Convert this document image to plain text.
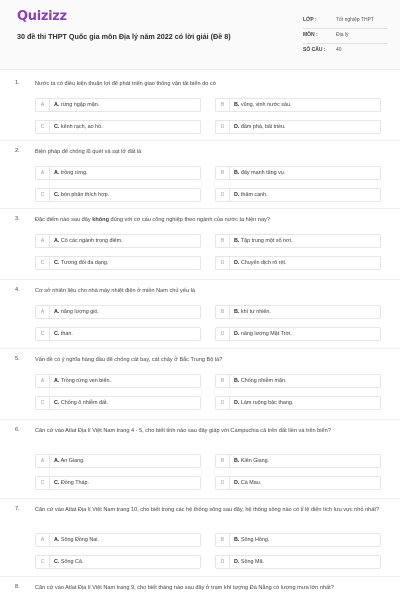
Quizizz
30 đề thi THPT Quốc gia môn Địa lý năm 2022 có lời giải (Đề 8)
LỚP :	Tốt nghiệp THPT
MÔN :	Địa lý
SỐ CÂU : 40
1.	Nước ta có điều kiện thuận lợi để phát triển giao thông vận tải biển do có
A	A. rừng ngập mặn.	B	B. vũng, vịnh nước sâu.
C	C. kênh rạch, ao hồ.	D	D. đầm phá, bãi triều.
2.	Biện pháp để chống lũ quét và sạt lở đất là
A	A. trồng rừng.	B	B. đẩy mạnh tăng vụ.
C	C. bón phân thích hợp.	D	D. thâm canh.
3.	Đặc điểm nào sau đây không đúng với cơ cấu công nghiệp theo ngành của nước ta hiện nay?
A	A. Có các ngành trọng điểm.	B	B. Tập trung một số nơi.
C	C. Tương đối đa dạng.	D	D. Chuyển dịch rõ rệt.
4.	Cơ sở nhiên liệu cho nhà máy nhiệt điện ở miền Nam chủ yếu là
A	A. năng lượng gió.	B	B. khí tự nhiên.
C	C. than.	D	D. năng lượng Mặt Trời.
5.	Vấn đề có ý nghĩa hàng đầu để chống cát bay, cát chảy ở Bắc Trung Bộ là?
A	A. Trồng rừng ven biển.	B	B. Chống nhiễm mặn.
C	C. Chống ô nhiễm đất.	D	D. Làm ruộng bậc thang.
6.	Căn cứ vào Atlat Địa lí Việt Nam trang 4 - 5, cho biết tỉnh nào sau đây giáp với Campuchia cả trên đất liền và trên biển?
A	A. An Giang.	B	B. Kiên Giang.
C	C. Đồng Tháp.	D	D. Cà Mau.
7.	Căn cứ vào Atlat Địa lí Việt Nam trang 10, cho biết trong các hệ thống sông sau đây, hệ thống sông nào có tỉ lệ diện tích lưu vực nhỏ nhất?
A	A. Sông Đồng Nai.	B	B. Sông Hồng.
C	C. Sông Cả.	D	D. Sông Mã.
8.	Căn cứ vào Atlat Địa lí Việt Nam trang 9, cho biết tháng nào sau đây ở trạm khí tượng Đà Nẵng có lượng mưa lớn nhất?
